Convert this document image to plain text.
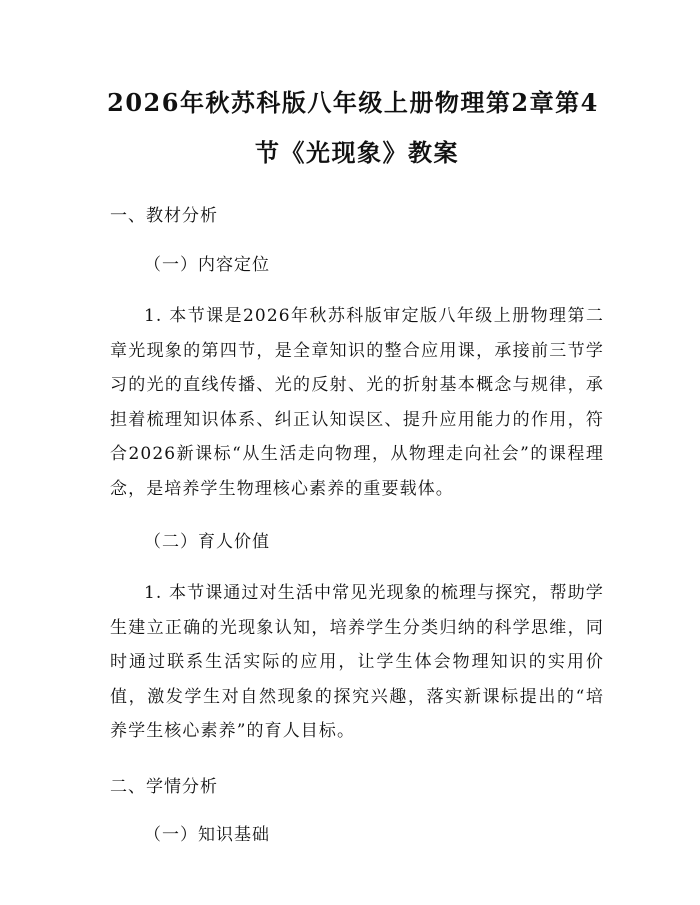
2026年秋苏科版八年级上册物理第2章第4
节《光现象》教案
一、教材分析
（一）内容定位

1. 本节课是2026年秋苏科版审定版八年级上册物理第二章光现象的第四节，是全章知识的整合应用课，承接前三节学习的光的直线传播、光的反射、光的折射基本概念与规律，承担着梳理知识体系、纠正认知误区、提升应用能力的作用，符合2026新课标“从生活走向物理，从物理走向社会”的课程理念，是培养学生物理核心素养的重要载体。

（二）育人价值

1. 本节课通过对生活中常见光现象的梳理与探究，帮助学生建立正确的光现象认知，培养学生分类归纳的科学思维，同时通过联系生活实际的应用，让学生体会物理知识的实用价值，激发学生对自然现象的探究兴趣，落实新课标提出的“培养学生核心素养”的育人目标。

二、学情分析
（一）知识基础
